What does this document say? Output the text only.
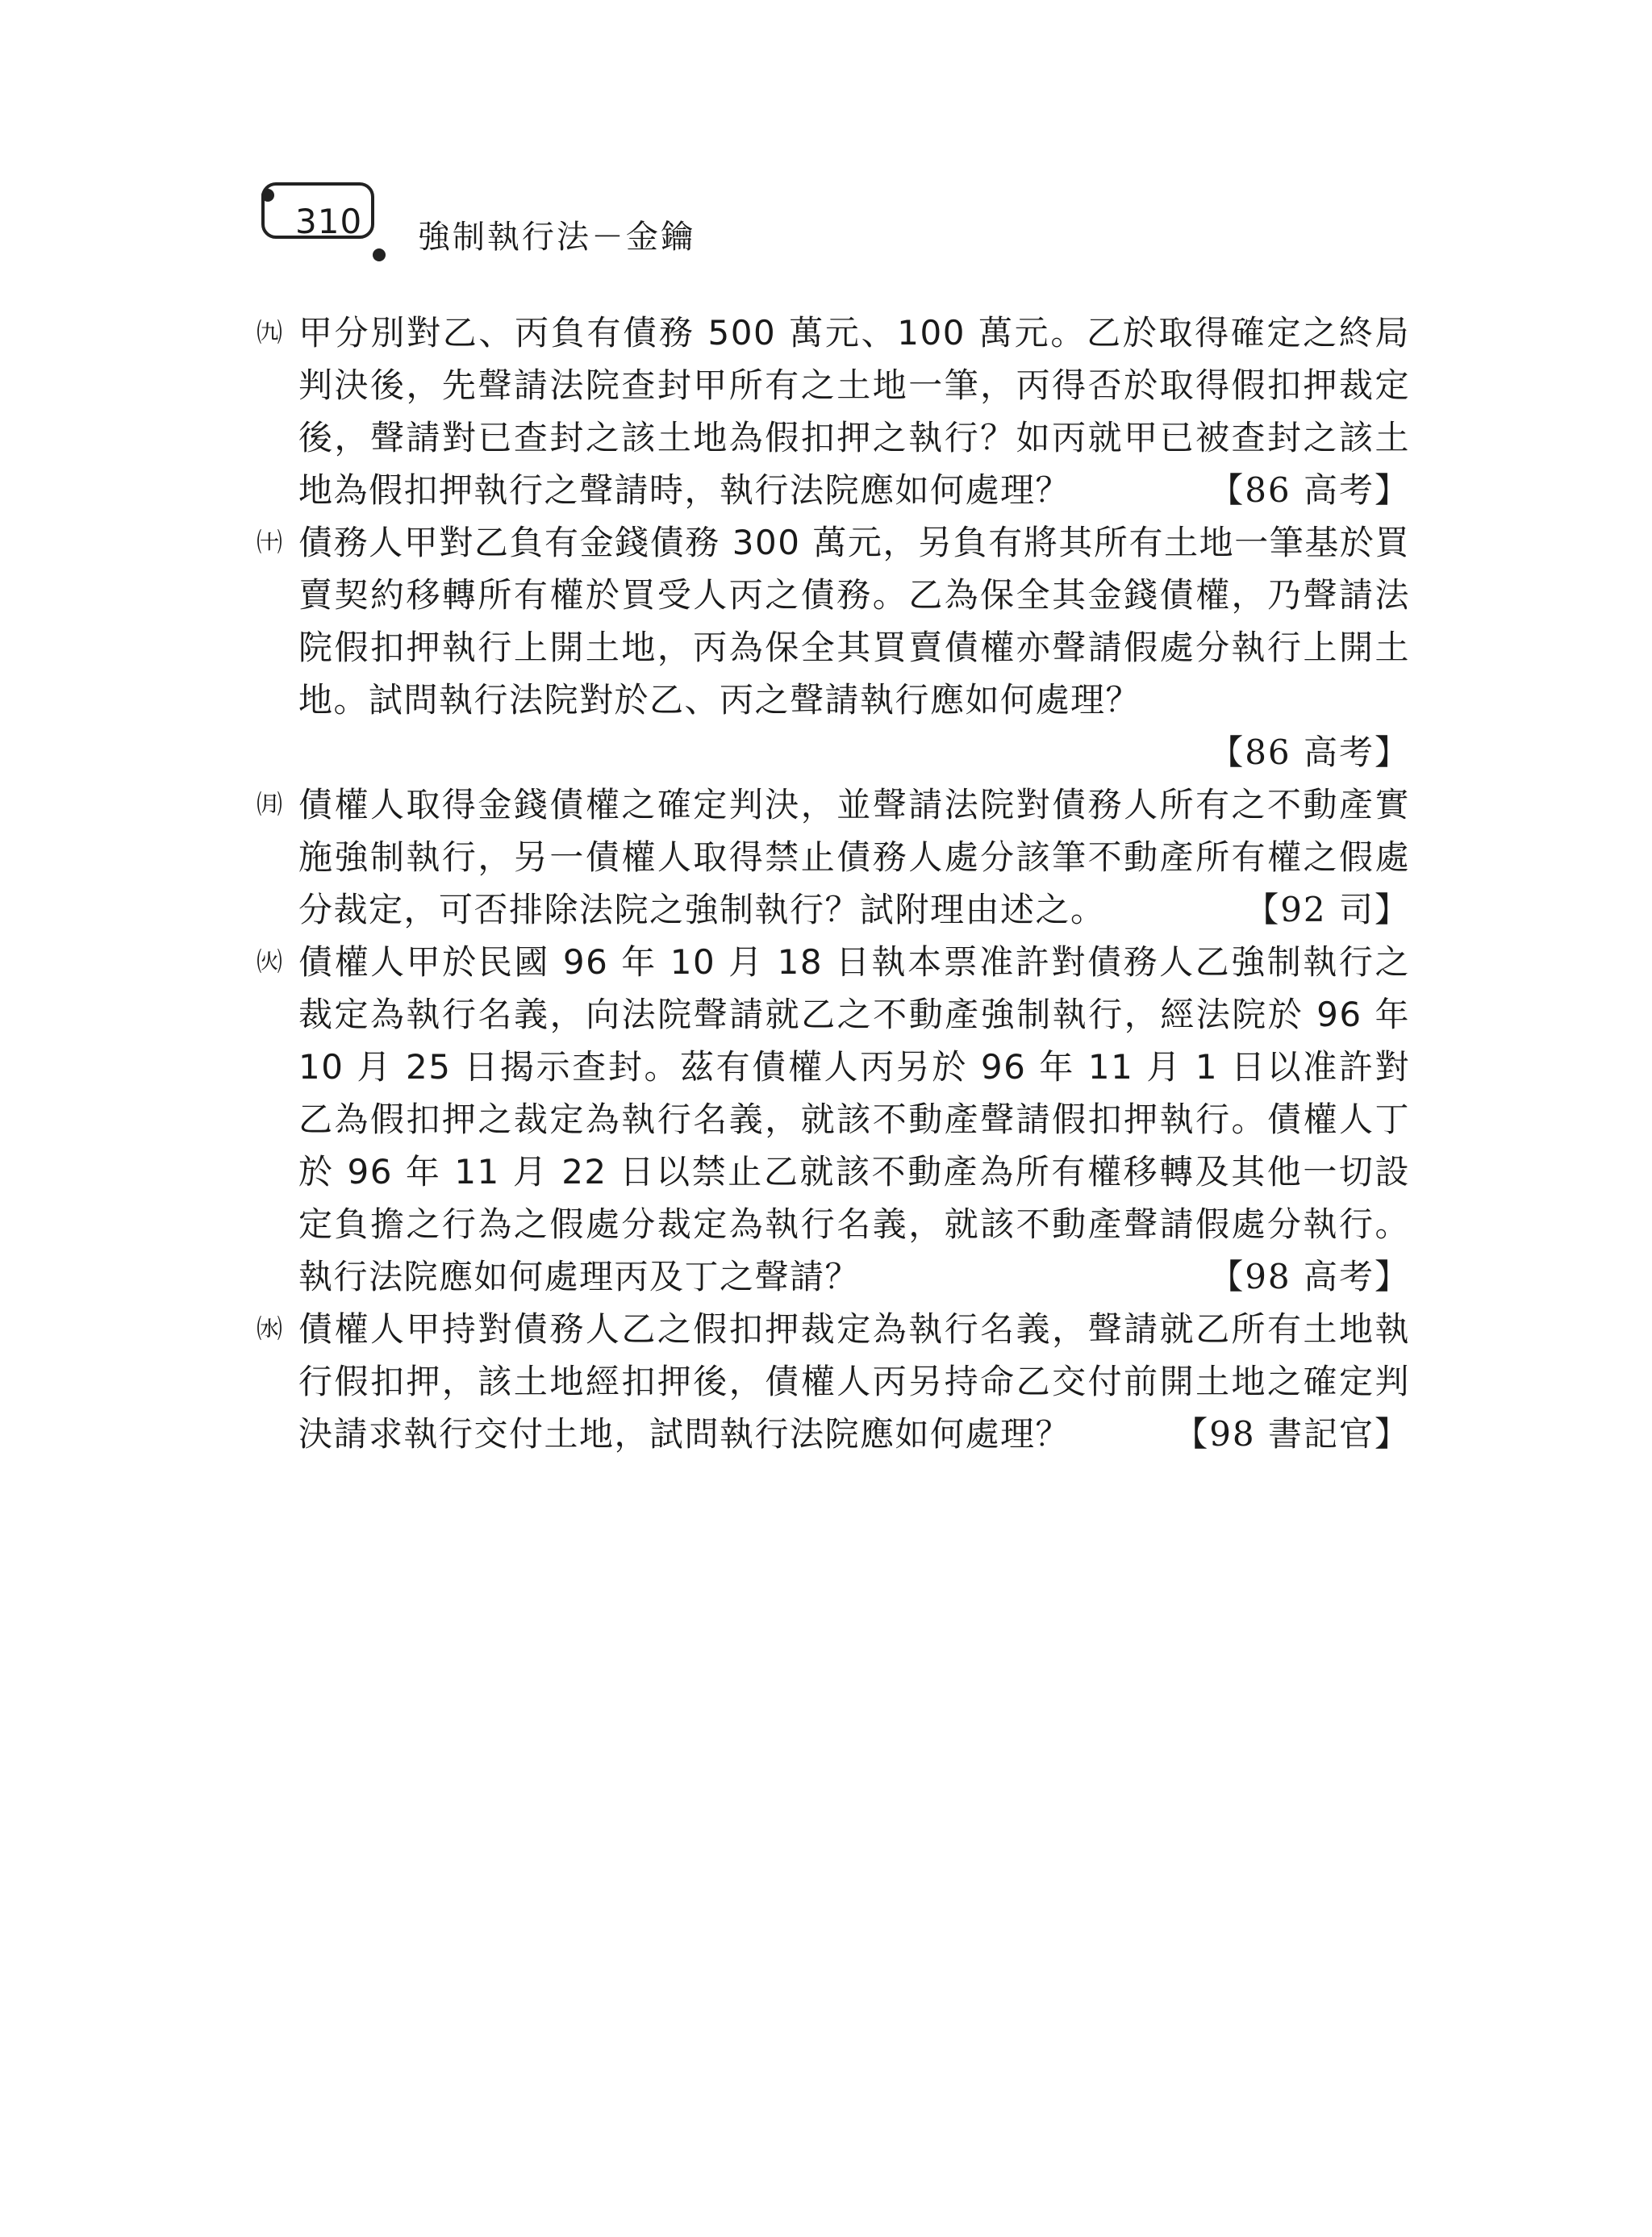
310 強制執行法－金鑰
㈨ 甲分別對乙、丙負有債務 500 萬元、100 萬元。乙於取得確定之終局判決後，先聲請法院查封甲所有之土地一筆，丙得否於取得假扣押裁定後，聲請對已查封之該土地為假扣押之執行？如丙就甲已被查封之該土地為假扣押執行之聲請時，執行法院應如何處理？	【86 高考】
㈩ 債務人甲對乙負有金錢債務 300 萬元，另負有將其所有土地一筆基於買賣契約移轉所有權於買受人丙之債務。乙為保全其金錢債權，乃聲請法院假扣押執行上開土地，丙為保全其買賣債權亦聲請假處分執行上開土地。試問執行法院對於乙、丙之聲請執行應如何處理？
【86 高考】
㈪ 債權人取得金錢債權之確定判決，並聲請法院對債務人所有之不動產實施強制執行，另一債權人取得禁止債務人處分該筆不動產所有權之假處分裁定，可否排除法院之強制執行？試附理由述之。	【92 司】
㈫ 債權人甲於民國 96 年 10 月 18 日執本票准許對債務人乙強制執行之裁定為執行名義，向法院聲請就乙之不動產強制執行，經法院於 96 年 10 月 25 日揭示查封。茲有債權人丙另於 96 年 11 月 1 日以准許對乙為假扣押之裁定為執行名義，就該不動產聲請假扣押執行。債權人丁於 96 年 11 月 22 日以禁止乙就該不動產為所有權移轉及其他一切設定負擔之行為之假處分裁定為執行名義，就該不動產聲請假處分執行。執行法院應如何處理丙及丁之聲請？	【98 高考】
㈬ 債權人甲持對債務人乙之假扣押裁定為執行名義，聲請就乙所有土地執行假扣押，該土地經扣押後，債權人丙另持命乙交付前開土地之確定判決請求執行交付土地，試問執行法院應如何處理？	【98 書記官】
